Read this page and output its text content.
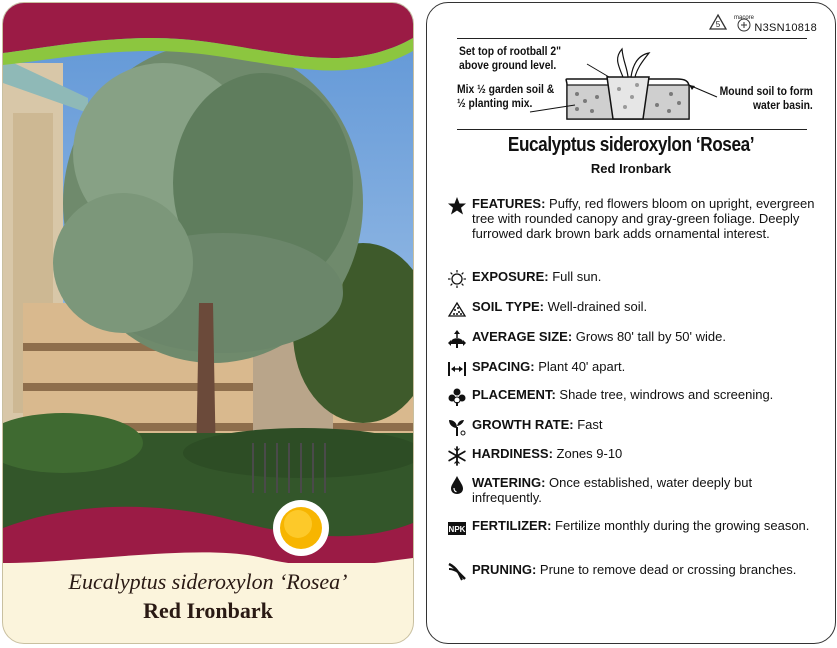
Eucalyptus sideroxylon ‘Rosea’
Red Ironbark
5
macore
N3SN10818
Set top of rootball 2" above ground level.
Mix ½ garden soil & ½ planting mix.
Mound soil to form water basin.
Eucalyptus sideroxylon ‘Rosea’
Red Ironbark
FEATURES: Puffy, red flowers bloom on upright, evergreen tree with rounded canopy and gray-green foliage. Deeply furrowed dark brown bark adds ornamental interest.
EXPOSURE: Full sun.
SOIL TYPE: Well-drained soil.
AVERAGE SIZE: Grows 80' tall by 50' wide.
SPACING: Plant 40' apart.
PLACEMENT: Shade tree, windrows and screening.
GROWTH RATE: Fast
HARDINESS: Zones 9-10
WATERING: Once established, water deeply but infrequently.
NPK FERTILIZER: Fertilize monthly during the growing season.
PRUNING: Prune to remove dead or crossing branches.
